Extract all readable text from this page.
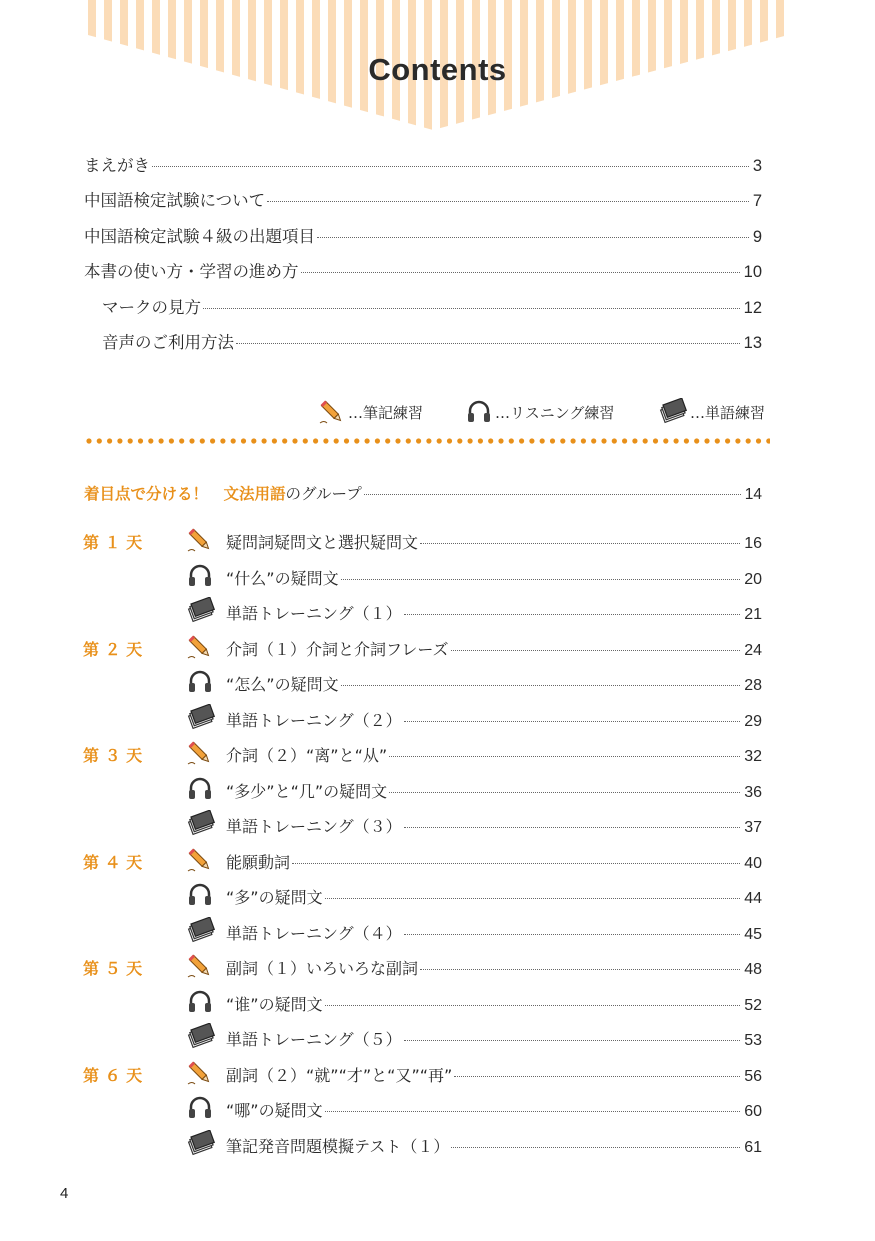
Contents
まえがき	3
中国語検定試験について	7
中国語検定試験４級の出題項目	9
本書の使い方・学習の進め方	10
マークの見方	12
音声のご利用方法	13
…筆記練習	…リスニング練習	…単語練習
着目点で分ける！　文法用語 のグループ	14
第 １ 天	疑問詞疑問文と選択疑問文	16
“什么”の疑問文	20
単語トレーニング（１）	21
第 ２ 天	介詞（１）介詞と介詞フレーズ	24
“怎么”の疑問文	28
単語トレーニング（２）	29
第 ３ 天	介詞（２）“离”と“从”	32
“多少”と“几”の疑問文	36
単語トレーニング（３）	37
第 ４ 天	能願動詞	40
“多”の疑問文	44
単語トレーニング（４）	45
第 ５ 天	副詞（１）いろいろな副詞	48
“谁”の疑問文	52
単語トレーニング（５）	53
第 ６ 天	副詞（２）“就”“才”と“又”“再”	56
“哪”の疑問文	60
筆記発音問題模擬テスト（１）	61
4
